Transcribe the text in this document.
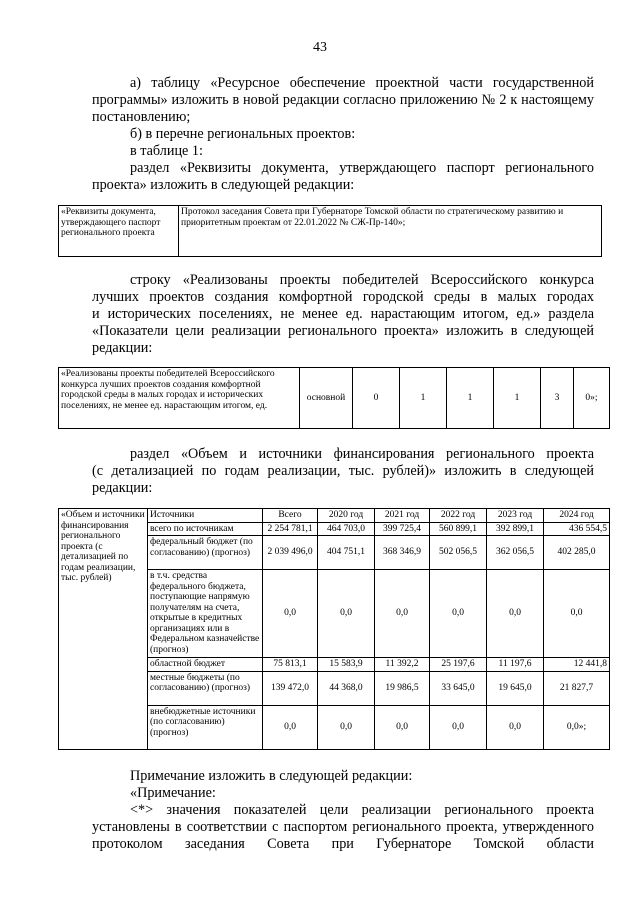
43
а) таблицу «Ресурсное обеспечение проектной части государственной
программы» изложить в новой редакции согласно приложению № 2 к настоящему
постановлению;
б) в перечне региональных проектов:
в таблице 1:
раздел «Реквизиты документа, утверждающего паспорт регионального
проекта» изложить в следующей редакции:
«Реквизиты документа, утверждающего паспорт регионального проекта	Протокол заседания Совета при Губернаторе Томской области по стратегическому развитию и приоритетным проектам от 22.01.2022 № СЖ-Пр-140»;
строку «Реализованы проекты победителей Всероссийского конкурса
лучших проектов создания комфортной городской среды в малых городах
и исторических поселениях, не менее ед. нарастающим итогом, ед.» раздела
«Показатели цели реализации регионального проекта» изложить в следующей
редакции:
«Реализованы проекты победителей Всероссийского конкурса лучших проектов создания комфортной городской среды в малых городах и исторических поселениях, не менее ед. нарастающим итогом, ед.	основной	0	1	1	1	3	0»;
раздел «Объем и источники финансирования регионального проекта
(с детализацией по годам реализации, тыс. рублей)» изложить в следующей
редакции:
«Объем и источники финансирования регионального проекта (с детализацией по годам реализации, тыс. рублей)	Источники	Всего	2020 год	2021 год	2022 год	2023 год	2024 год
	всего по источникам	2 254 781,1	464 703,0	399 725,4	560 899,1	392 899,1	436 554,5
	федеральный бюджет (по согласованию) (прогноз)	2 039 496,0	404 751,1	368 346,9	502 056,5	362 056,5	402 285,0
	в т.ч. средства федерального бюджета, поступающие напрямую получателям на счета, открытые в кредитных организациях или в Федеральном казначействе (прогноз)	0,0	0,0	0,0	0,0	0,0	0,0
	областной бюджет	75 813,1	15 583,9	11 392,2	25 197,6	11 197,6	12 441,8
	местные бюджеты (по согласованию) (прогноз)	139 472,0	44 368,0	19 986,5	33 645,0	19 645,0	21 827,7
	внебюджетные источники (по согласованию) (прогноз)	0,0	0,0	0,0	0,0	0,0	0,0»;
Примечание изложить в следующей редакции:
«Примечание:
<*> значения показателей цели реализации регионального проекта
установлены в соответствии с паспортом регионального проекта, утвержденного
протоколом заседания Совета при Губернаторе Томской области
